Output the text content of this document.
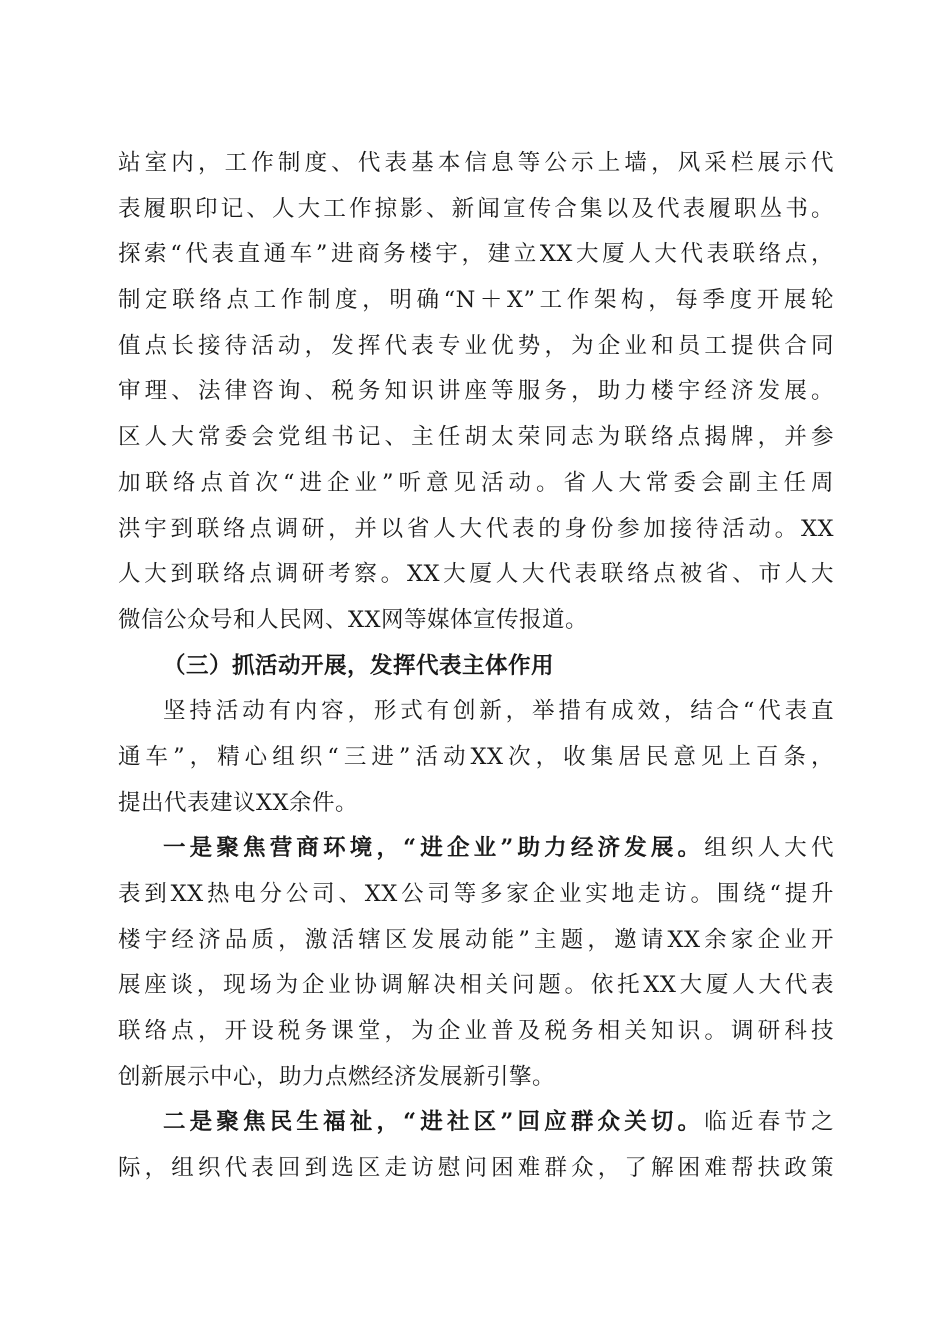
站室内，工作制度、代表基本信息等公示上墙，风采栏展示代
表履职印记、人大工作掠影、新闻宣传合集以及代表履职丛书。
探索“代表直通车”进商务楼宇，建立XX大厦人大代表联络点，
制定联络点工作制度，明确“N＋X”工作架构，每季度开展轮
值点长接待活动，发挥代表专业优势，为企业和员工提供合同
审理、法律咨询、税务知识讲座等服务，助力楼宇经济发展。
区人大常委会党组书记、主任胡太荣同志为联络点揭牌，并参
加联络点首次“进企业”听意见活动。省人大常委会副主任周
洪宇到联络点调研，并以省人大代表的身份参加接待活动。XX
人大到联络点调研考察。XX大厦人大代表联络点被省、市人大
微信公众号和人民网、XX网等媒体宣传报道。
（三）抓活动开展，发挥代表主体作用
坚持活动有内容，形式有创新，举措有成效，结合“代表直
通车”，精心组织“三进”活动XX次，收集居民意见上百条，
提出代表建议XX余件。
一是聚焦营商环境，“进企业”助力经济发展。组织人大代
表到XX热电分公司、XX公司等多家企业实地走访。围绕“提升
楼宇经济品质，激活辖区发展动能”主题，邀请XX余家企业开
展座谈，现场为企业协调解决相关问题。依托XX大厦人大代表
联络点，开设税务课堂，为企业普及税务相关知识。调研科技
创新展示中心，助力点燃经济发展新引擎。
二是聚焦民生福祉，“进社区”回应群众关切。临近春节之
际，组织代表回到选区走访慰问困难群众，了解困难帮扶政策
